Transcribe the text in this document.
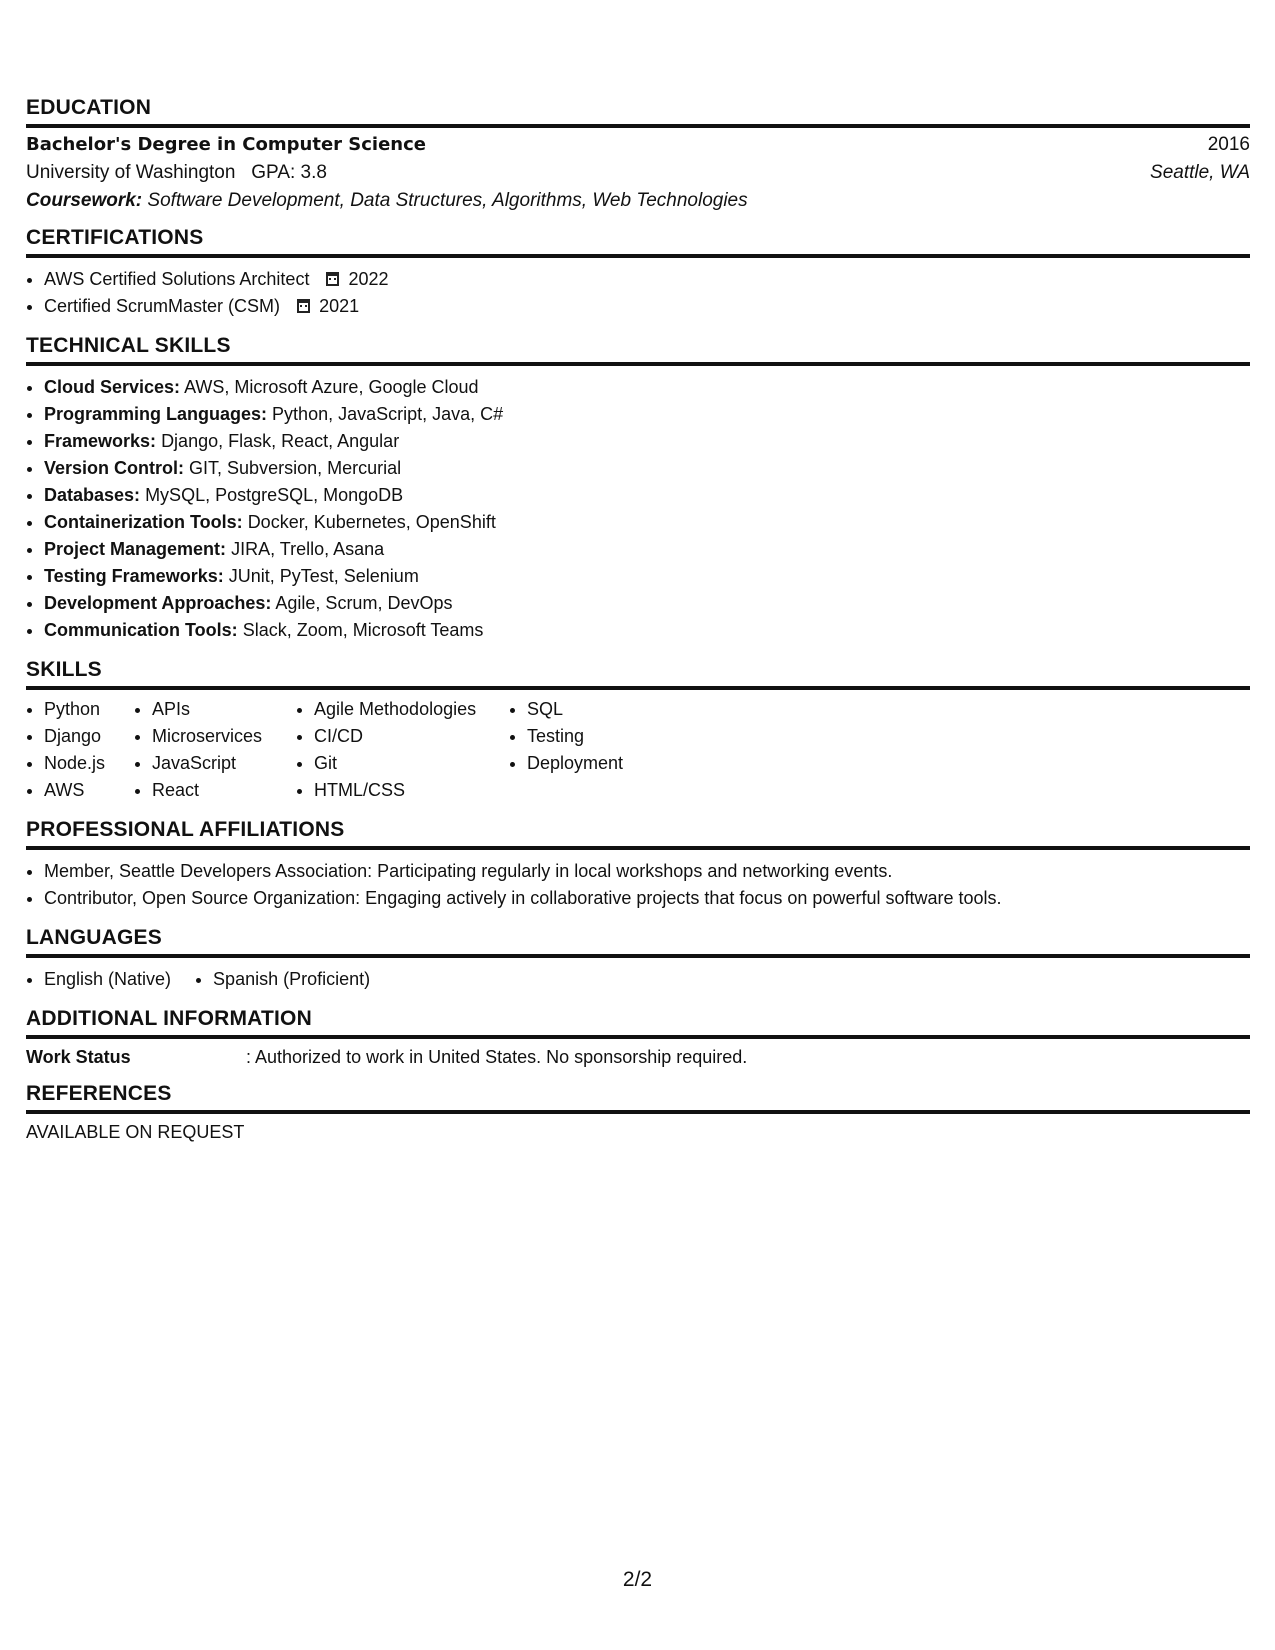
EDUCATION
Bachelor's Degree in Computer Science	2016
University of Washington GPA: 3.8	Seattle, WA
Coursework: Software Development, Data Structures, Algorithms, Web Technologies
CERTIFICATIONS
• AWS Certified Solutions Architect 2022
• Certified ScrumMaster (CSM) 2021
TECHNICAL SKILLS
• Cloud Services: AWS, Microsoft Azure, Google Cloud
• Programming Languages: Python, JavaScript, Java, C#
• Frameworks: Django, Flask, React, Angular
• Version Control: GIT, Subversion, Mercurial
• Databases: MySQL, PostgreSQL, MongoDB
• Containerization Tools: Docker, Kubernetes, OpenShift
• Project Management: JIRA, Trello, Asana
• Testing Frameworks: JUnit, PyTest, Selenium
• Development Approaches: Agile, Scrum, DevOps
• Communication Tools: Slack, Zoom, Microsoft Teams
SKILLS
• Python
• Django
• Node.js
• AWS
• APIs
• Microservices
• JavaScript
• React
• Agile Methodologies
• CI/CD
• Git
• HTML/CSS
• SQL
• Testing
• Deployment
PROFESSIONAL AFFILIATIONS
• Member, Seattle Developers Association: Participating regularly in local workshops and networking events.
• Contributor, Open Source Organization: Engaging actively in collaborative projects that focus on powerful software tools.
LANGUAGES
• English (Native)
• Spanish (Proficient)
ADDITIONAL INFORMATION
Work Status	: Authorized to work in United States. No sponsorship required.
REFERENCES
AVAILABLE ON REQUEST
2/2
